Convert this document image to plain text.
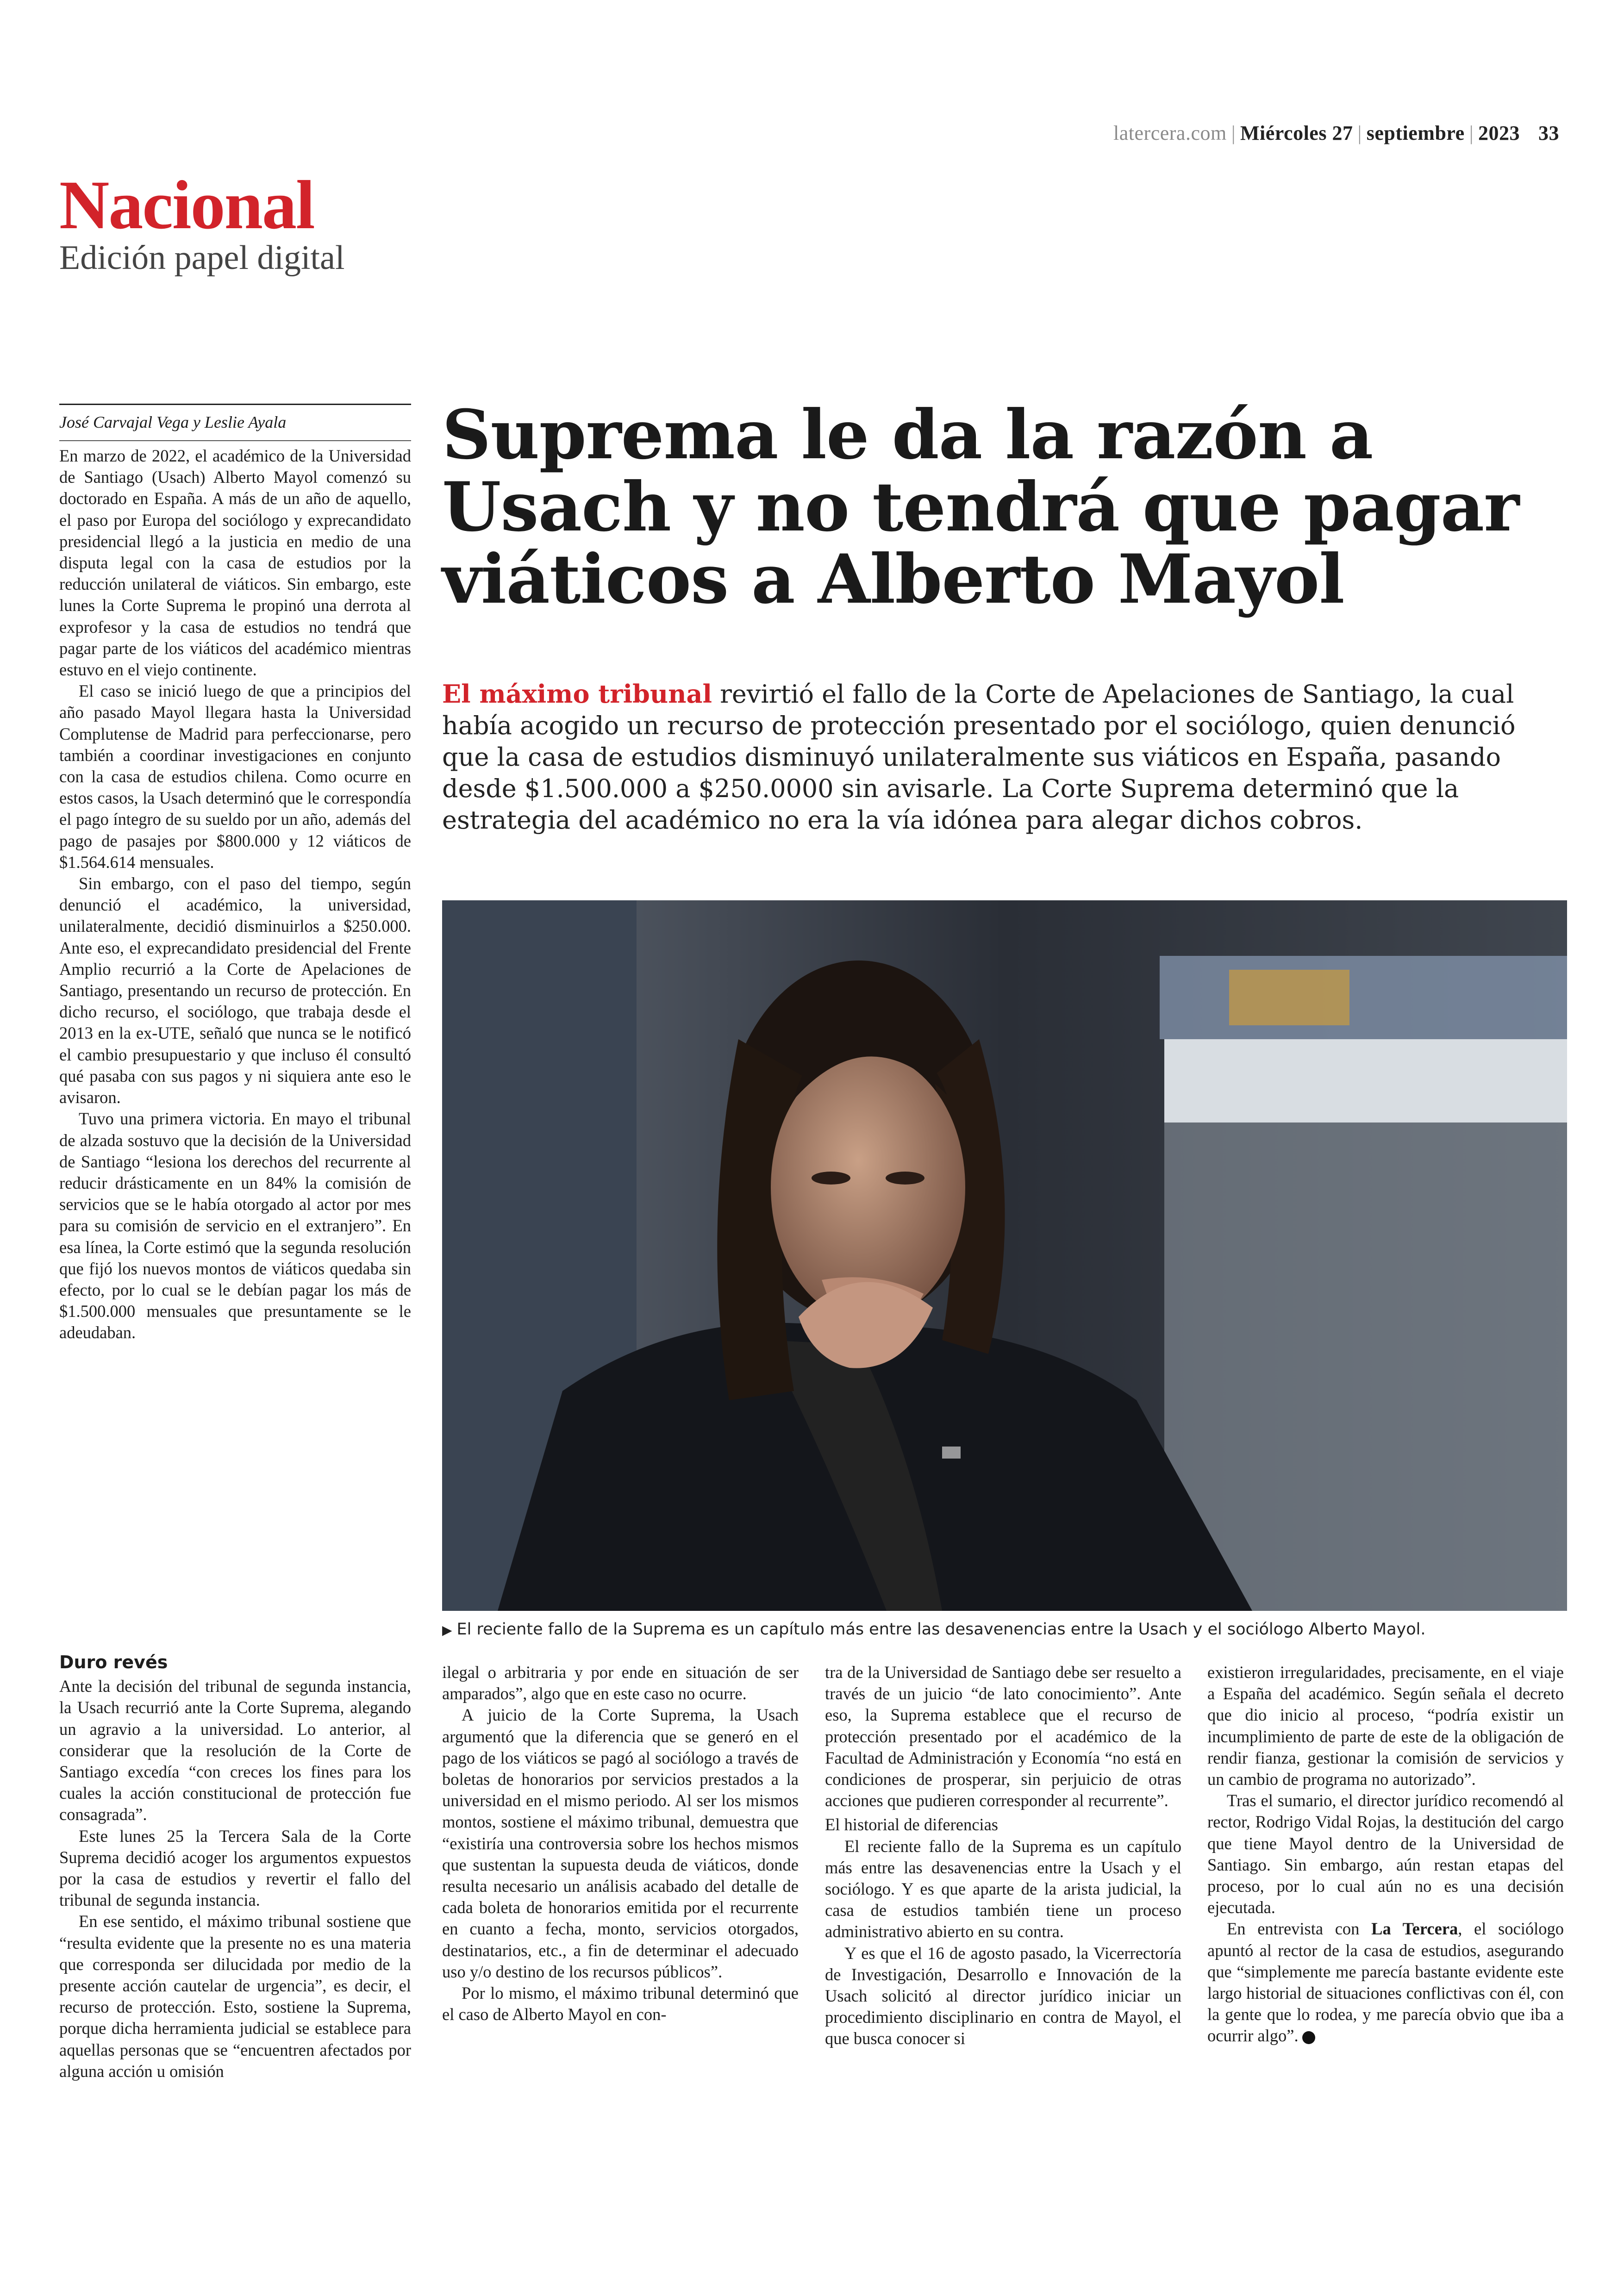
latercera.com | Miércoles 27 | septiembre | 2023 33
Nacional
Edición papel digital
José Carvajal Vega y Leslie Ayala	Suprema le da la razón a Usach y no tendrá que pagar viáticos a Alberto Mayol
El máximo tribunal revirtió el fallo de la Corte de Apelaciones de Santiago, la cual había acogido un recurso de protección presentado por el sociólogo, quien denunció que la casa de estudios disminuyó unilateralmente sus viáticos en España, pasando desde $1.500.000 a $250.0000 sin avisarle. La Corte Suprema determinó que la estrategia del académico no era la vía idónea para alegar dichos cobros.

En marzo de 2022, el académico de la Universidad de Santiago (Usach) Alberto Mayol comenzó su doctorado en España. A más de un año de aquello, el paso por Europa del sociólogo y exprecandidato presidencial llegó a la justicia en medio de una disputa legal con la casa de estudios por la reducción unilateral de viáticos. Sin embargo, este lunes la Corte Suprema le propinó una derrota al exprofesor y la casa de estudios no tendrá que pagar parte de los viáticos del académico mientras estuvo en el viejo continente.

El caso se inició luego de que a principios del año pasado Mayol llegara hasta la Universidad Complutense de Madrid para perfeccionarse, pero también a coordinar investigaciones en conjunto con la casa de estudios chilena. Como ocurre en estos casos, la Usach determinó que le correspondía el pago íntegro de su sueldo por un año, además del pago de pasajes por $800.000 y 12 viáticos de $1.564.614 mensuales.

Sin embargo, con el paso del tiempo, según denunció el académico, la universidad, unilateralmente, decidió disminuirlos a $250.000. Ante eso, el exprecandidato presidencial del Frente Amplio recurrió a la Corte de Apelaciones de Santiago, presentando un recurso de protección. En dicho recurso, el sociólogo, que trabaja desde el 2013 en la ex-UTE, señaló que nunca se le notificó el cambio presupuestario y que incluso él consultó qué pasaba con sus pagos y ni siquiera ante eso le avisaron.

Tuvo una primera victoria. En mayo el tribunal de alzada sostuvo que la decisión de la Universidad de Santiago “lesiona los derechos del recurrente al reducir drásticamente en un 84% la comisión de servicios que se le había otorgado al actor por mes para su comisión de servicio en el extranjero”. En esa línea, la Corte estimó que la segunda resolución que fijó los nuevos montos de viáticos quedaba sin efecto, por lo cual se le debían pagar los más de $1.500.000 mensuales que presuntamente se le adeudaban.

▶ El reciente fallo de la Suprema es un capítulo más entre las desavenencias entre la Usach y el sociólogo Alberto Mayol.

Duro revés

Ante la decisión del tribunal de segunda instancia, la Usach recurrió ante la Corte Suprema, alegando un agravio a la universidad. Lo anterior, al considerar que la resolución de la Corte de Santiago excedía “con creces los fines para los cuales la acción constitucional de protección fue consagrada”.

Este lunes 25 la Tercera Sala de la Corte Suprema decidió acoger los argumentos expuestos por la casa de estudios y revertir el fallo del tribunal de segunda instancia.

En ese sentido, el máximo tribunal sostiene que “resulta evidente que la presente no es una materia que corresponda ser dilucidada por medio de la presente acción cautelar de urgencia”, es decir, el recurso de protección. Esto, sostiene la Suprema, porque dicha herramienta judicial se establece para aquellas personas que se “encuentren afectados por alguna acción u omisión

ilegal o arbitraria y por ende en situación de ser amparados”, algo que en este caso no ocurre.

A juicio de la Corte Suprema, la Usach argumentó que la diferencia que se generó en el pago de los viáticos se pagó al sociólogo a través de boletas de honorarios por servicios prestados a la universidad en el mismo periodo. Al ser los mismos montos, sostiene el máximo tribunal, demuestra que “existiría una controversia sobre los hechos mismos que sustentan la supuesta deuda de viáticos, donde resulta necesario un análisis acabado del detalle de cada boleta de honorarios emitida por el recurrente en cuanto a fecha, monto, servicios otorgados, destinatarios, etc., a fin de determinar el adecuado uso y/o destino de los recursos públicos”.

Por lo mismo, el máximo tribunal determinó que el caso de Alberto Mayol en con-

tra de la Universidad de Santiago debe ser resuelto a través de un juicio “de lato conocimiento”. Ante eso, la Suprema establece que el recurso de protección presentado por el académico de la Facultad de Administración y Economía “no está en condiciones de prosperar, sin perjuicio de otras acciones que pudieren corresponder al recurrente”.

El historial de diferencias

El reciente fallo de la Suprema es un capítulo más entre las desavenencias entre la Usach y el sociólogo. Y es que aparte de la arista judicial, la casa de estudios también tiene un proceso administrativo abierto en su contra.

Y es que el 16 de agosto pasado, la Vicerrectoría de Investigación, Desarrollo e Innovación de la Usach solicitó al director jurídico iniciar un procedimiento disciplinario en contra de Mayol, el que busca conocer si

existieron irregularidades, precisamente, en el viaje a España del académico. Según señala el decreto que dio inicio al proceso, “podría existir un incumplimiento de parte de este de la obligación de rendir fianza, gestionar la comisión de servicios y un cambio de programa no autorizado”.

Tras el sumario, el director jurídico recomendó al rector, Rodrigo Vidal Rojas, la destitución del cargo que tiene Mayol dentro de la Universidad de Santiago. Sin embargo, aún restan etapas del proceso, por lo cual aún no es una decisión ejecutada.

En entrevista con La Tercera, el sociólogo apuntó al rector de la casa de estudios, asegurando que “simplemente me parecía bastante evidente este largo historial de situaciones conflictivas con él, con la gente que lo rodea, y me parecía obvio que iba a ocurrir algo”.
